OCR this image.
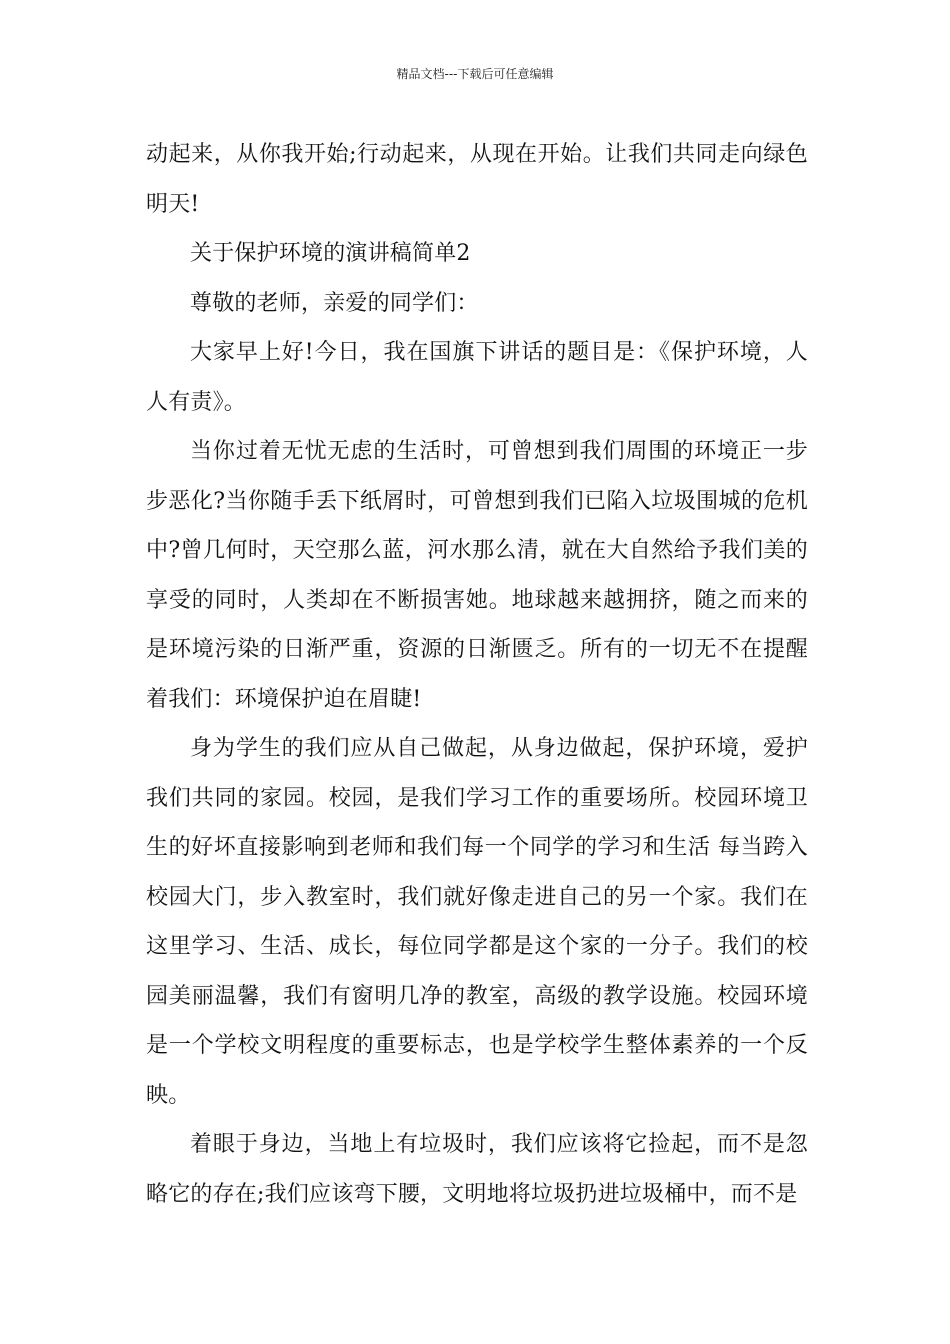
精品文档---下载后可任意编辑

动起来，从你我开始;行动起来，从现在开始。让我们共同走向绿色明天!

关于保护环境的演讲稿简单2

尊敬的老师，亲爱的同学们：

大家早上好!今日，我在国旗下讲话的题目是：《保护环境，人人有责》。

当你过着无忧无虑的生活时，可曾想到我们周围的环境正一步步恶化?当你随手丢下纸屑时，可曾想到我们已陷入垃圾围城的危机中?曾几何时，天空那么蓝，河水那么清，就在大自然给予我们美的享受的同时，人类却在不断损害她。地球越来越拥挤，随之而来的是环境污染的日渐严重，资源的日渐匮乏。所有的一切无不在提醒着我们：环境保护迫在眉睫!

身为学生的我们应从自己做起，从身边做起，保护环境，爱护我们共同的家园。校园，是我们学习工作的重要场所。校园环境卫生的好坏直接影响到老师和我们每一个同学的学习和生活 每当跨入校园大门，步入教室时，我们就好像走进自己的另一个家。我们在这里学习、生活、成长，每位同学都是这个家的一分子。我们的校园美丽温馨，我们有窗明几净的教室，高级的教学设施。校园环境是一个学校文明程度的重要标志，也是学校学生整体素养的一个反映。

着眼于身边，当地上有垃圾时，我们应该将它捡起，而不是忽略它的存在;我们应该弯下腰，文明地将垃圾扔进垃圾桶中，而不是
